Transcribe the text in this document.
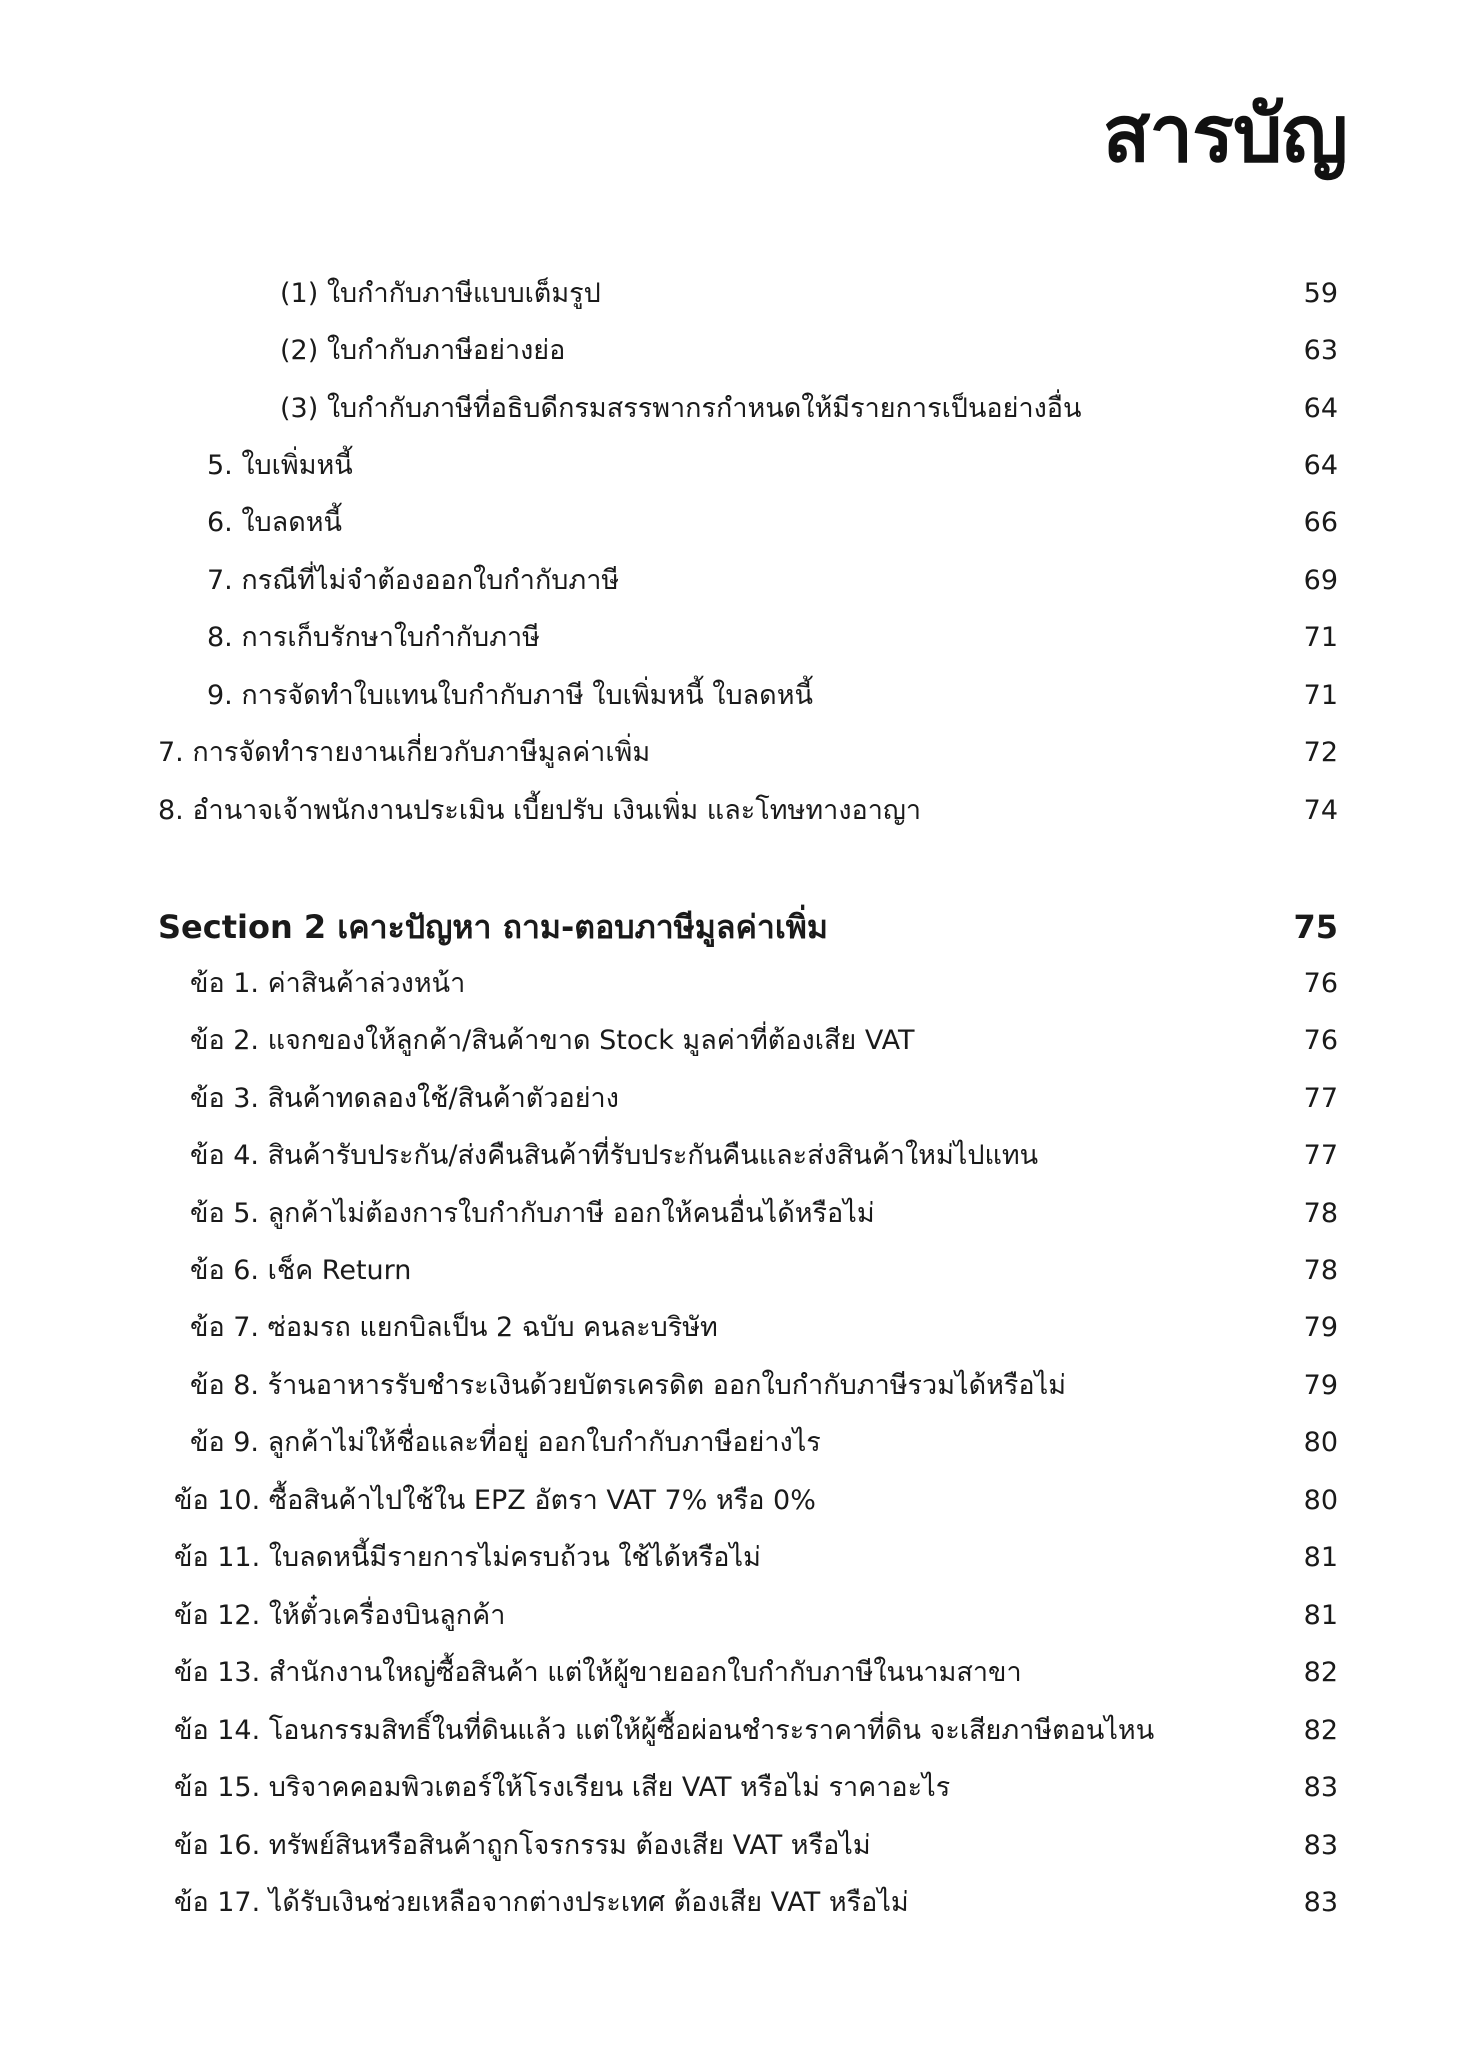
สารบัญ
(1) ใบกำกับภาษีแบบเต็มรูป	59
(2) ใบกำกับภาษีอย่างย่อ	63
(3) ใบกำกับภาษีที่อธิบดีกรมสรรพากรกำหนดให้มีรายการเป็นอย่างอื่น	64
5. ใบเพิ่มหนี้	64
6. ใบลดหนี้	66
7. กรณีที่ไม่จำต้องออกใบกำกับภาษี	69
8. การเก็บรักษาใบกำกับภาษี	71
9. การจัดทำใบแทนใบกำกับภาษี ใบเพิ่มหนี้ ใบลดหนี้	71
7. การจัดทำรายงานเกี่ยวกับภาษีมูลค่าเพิ่ม	72
8. อำนาจเจ้าพนักงานประเมิน เบี้ยปรับ เงินเพิ่ม และโทษทางอาญา	74
Section 2 เคาะปัญหา ถาม-ตอบภาษีมูลค่าเพิ่ม	75
ข้อ 1. ค่าสินค้าล่วงหน้า	76
ข้อ 2. แจกของให้ลูกค้า/สินค้าขาด Stock มูลค่าที่ต้องเสีย VAT	76
ข้อ 3. สินค้าทดลองใช้/สินค้าตัวอย่าง	77
ข้อ 4. สินค้ารับประกัน/ส่งคืนสินค้าที่รับประกันคืนและส่งสินค้าใหม่ไปแทน	77
ข้อ 5. ลูกค้าไม่ต้องการใบกำกับภาษี ออกให้คนอื่นได้หรือไม่	78
ข้อ 6. เช็ค Return	78
ข้อ 7. ซ่อมรถ แยกบิลเป็น 2 ฉบับ คนละบริษัท	79
ข้อ 8. ร้านอาหารรับชำระเงินด้วยบัตรเครดิต ออกใบกำกับภาษีรวมได้หรือไม่	79
ข้อ 9. ลูกค้าไม่ให้ชื่อและที่อยู่ ออกใบกำกับภาษีอย่างไร	80
ข้อ 10. ซื้อสินค้าไปใช้ใน EPZ อัตรา VAT 7% หรือ 0%	80
ข้อ 11. ใบลดหนี้มีรายการไม่ครบถ้วน ใช้ได้หรือไม่	81
ข้อ 12. ให้ตั๋วเครื่องบินลูกค้า	81
ข้อ 13. สำนักงานใหญ่ซื้อสินค้า แต่ให้ผู้ขายออกใบกำกับภาษีในนามสาขา	82
ข้อ 14. โอนกรรมสิทธิ์ในที่ดินแล้ว แต่ให้ผู้ซื้อผ่อนชำระราคาที่ดิน จะเสียภาษีตอนไหน	82
ข้อ 15. บริจาคคอมพิวเตอร์ให้โรงเรียน เสีย VAT หรือไม่ ราคาอะไร	83
ข้อ 16. ทรัพย์สินหรือสินค้าถูกโจรกรรม ต้องเสีย VAT หรือไม่	83
ข้อ 17. ได้รับเงินช่วยเหลือจากต่างประเทศ ต้องเสีย VAT หรือไม่	83
